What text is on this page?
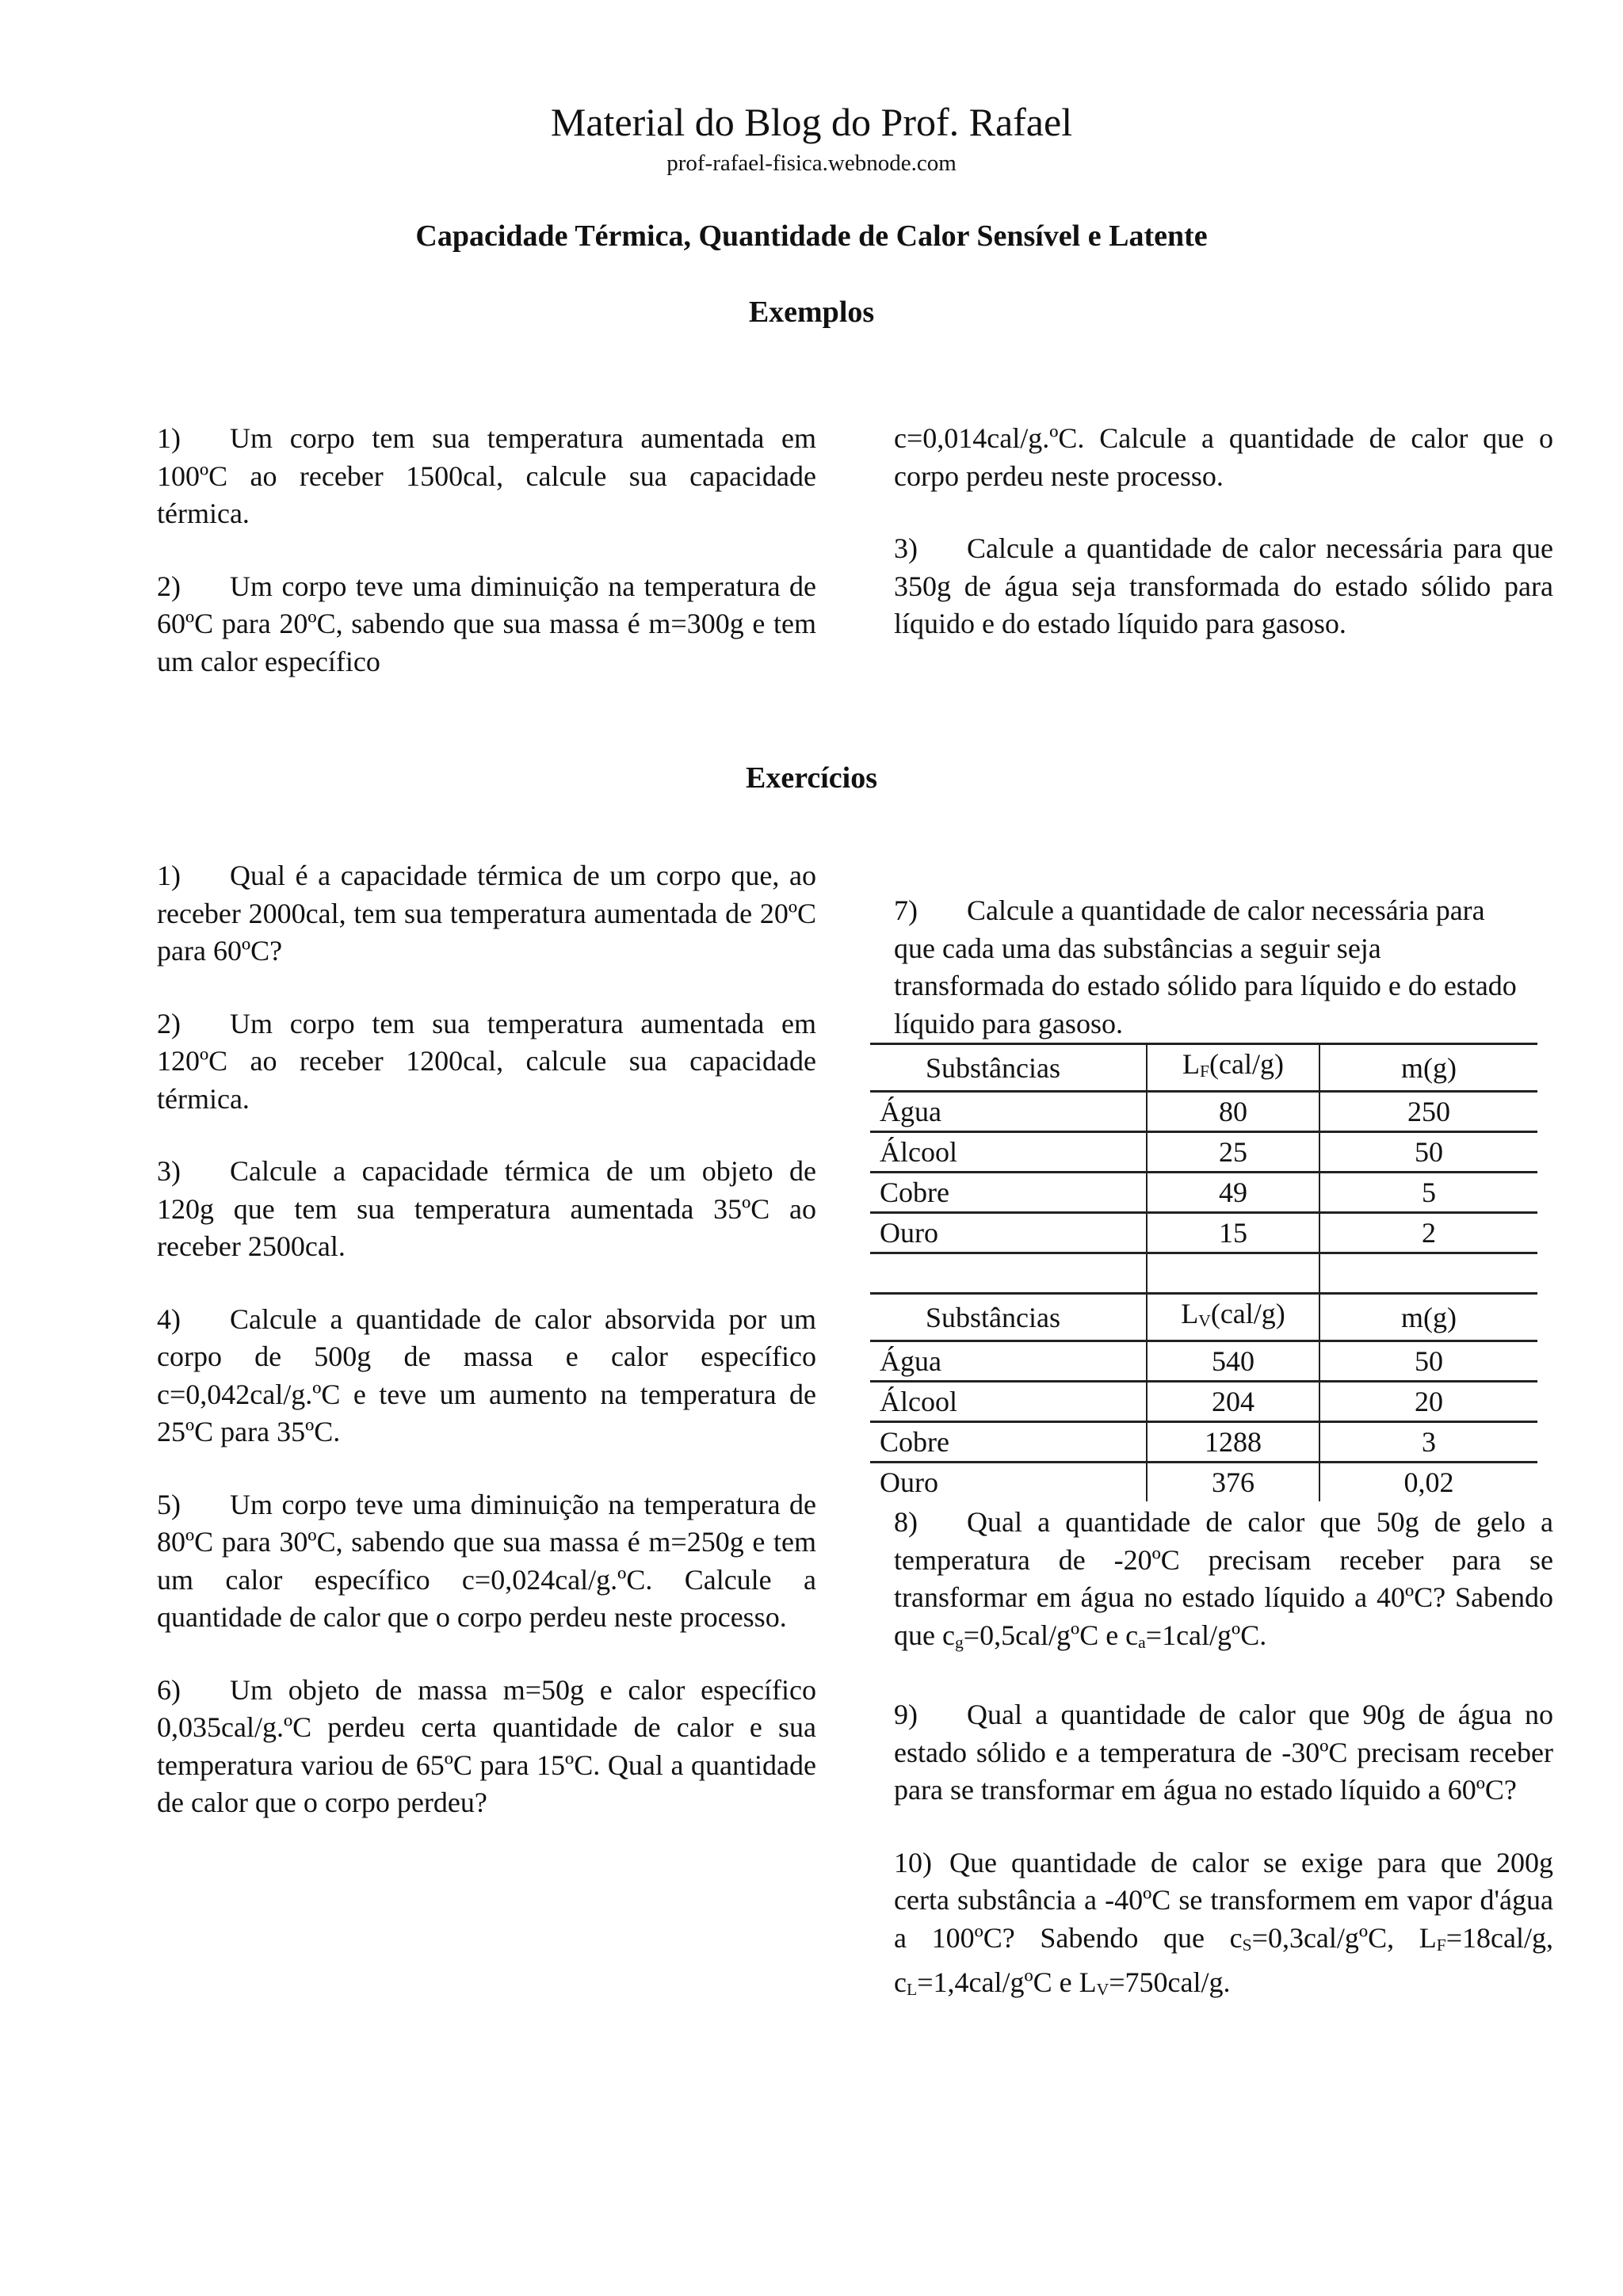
Material do Blog do Prof. Rafael
prof-rafael-fisica.webnode.com
Capacidade Térmica, Quantidade de Calor Sensível e Latente
Exemplos

1) Um corpo tem sua temperatura aumentada em 100ºC ao receber 1500cal, calcule sua capacidade térmica.

2) Um corpo teve uma diminuição na temperatura de 60ºC para 20ºC, sabendo que sua massa é m=300g e tem um calor específico

c=0,014cal/g.ºC. Calcule a quantidade de calor que o corpo perdeu neste processo.

3) Calcule a quantidade de calor necessária para que 350g de água seja transformada do estado sólido para líquido e do estado líquido para gasoso.

Exercícios

1) Qual é a capacidade térmica de um corpo que, ao receber 2000cal, tem sua temperatura aumentada de 20ºC para 60ºC?

2) Um corpo tem sua temperatura aumentada em 120ºC ao receber 1200cal, calcule sua capacidade térmica.

3) Calcule a capacidade térmica de um objeto de 120g que tem sua temperatura aumentada 35ºC ao receber 2500cal.

4) Calcule a quantidade de calor absorvida por um corpo de 500g de massa e calor específico c=0,042cal/g.ºC e teve um aumento na temperatura de 25ºC para 35ºC.

5) Um corpo teve uma diminuição na temperatura de 80ºC para 30ºC, sabendo que sua massa é m=250g e tem um calor específico c=0,024cal/g.ºC. Calcule a quantidade de calor que o corpo perdeu neste processo.

6) Um objeto de massa m=50g e calor específico 0,035cal/g.ºC perdeu certa quantidade de calor e sua temperatura variou de 65ºC para 15ºC. Qual a quantidade de calor que o corpo perdeu?

7) Calcule a quantidade de calor necessária para que cada uma das substâncias a seguir seja transformada do estado sólido para líquido e do estado líquido para gasoso.

Substâncias	$L_F(cal/g)$	m(g)
Água	80	250
Álcool	25	50
Cobre	49	5
Ouro	15	2

Substâncias	$L_V(cal/g)$	m(g)
Água	540	50
Álcool	204	20
Cobre	1288	3
Ouro	376	0,02

8) Qual a quantidade de calor que 50g de gelo a temperatura de -20ºC precisam receber para se transformar em água no estado líquido a 40ºC? Sabendo que $c_g=0,5cal$/gºC e $c_a=1cal$/gºC.

9) Qual a quantidade de calor que 90g de água no estado sólido e a temperatura de -30ºC precisam receber para se transformar em água no estado líquido a 60ºC?

10) Que quantidade de calor se exige para que 200g certa substância a -40ºC se transformem em vapor d'água a 100ºC? Sabendo que $c_S=0,3cal$/gºC, $L_F=18cal/g$, $c_L=1,4cal$/gºC e $L_V=750cal/g$.
